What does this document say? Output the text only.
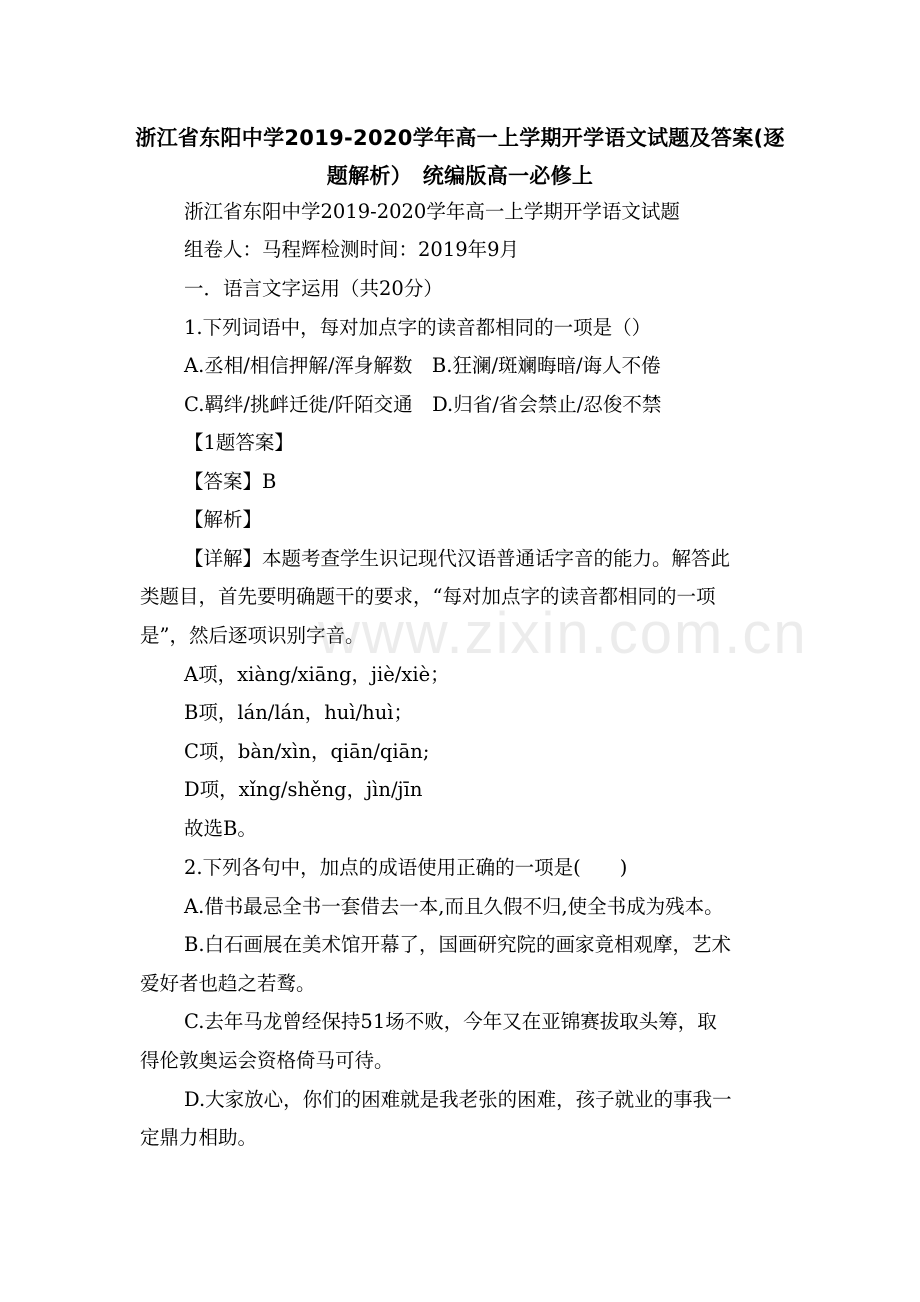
浙江省东阳中学2019-2020学年高一上学期开学语文试题及答案(逐
题解析）　统编版高一必修上
浙江省东阳中学2019-2020学年高一上学期开学语文试题
组卷人：马程辉检测时间：2019年9月
一．语言文字运用（共20分）
1.下列词语中，每对加点字的读音都相同的一项是（）
A.丞相/相信押解/浑身解数　B.狂澜/斑斓晦暗/诲人不倦
C.羁绊/挑衅迁徙/阡陌交通　D.归省/省会禁止/忍俊不禁
【1题答案】
【答案】B
【解析】
【详解】本题考查学生识记现代汉语普通话字音的能力。解答此
类题目，首先要明确题干的要求，“每对加点字的读音都相同的一项
是”，然后逐项识别字音。
A项，xiàng/xiāng，jiè/xiè；
B项，lán/lán，huì/huì；
C项，bàn/xìn，qiān/qiān;
D项，xǐng/shěng，jìn/jīn
故选B。
2.下列各句中，加点的成语使用正确的一项是(　　)
A.借书最忌全书一套借去一本,而且久假不归,使全书成为残本。
B.白石画展在美术馆开幕了，国画研究院的画家竟相观摩，艺术
爱好者也趋之若鹜。
C.去年马龙曾经保持51场不败，今年又在亚锦赛拔取头筹，取
得伦敦奥运会资格倚马可待。
D.大家放心，你们的困难就是我老张的困难，孩子就业的事我一
定鼎力相助。
www.zixin.com.cn
